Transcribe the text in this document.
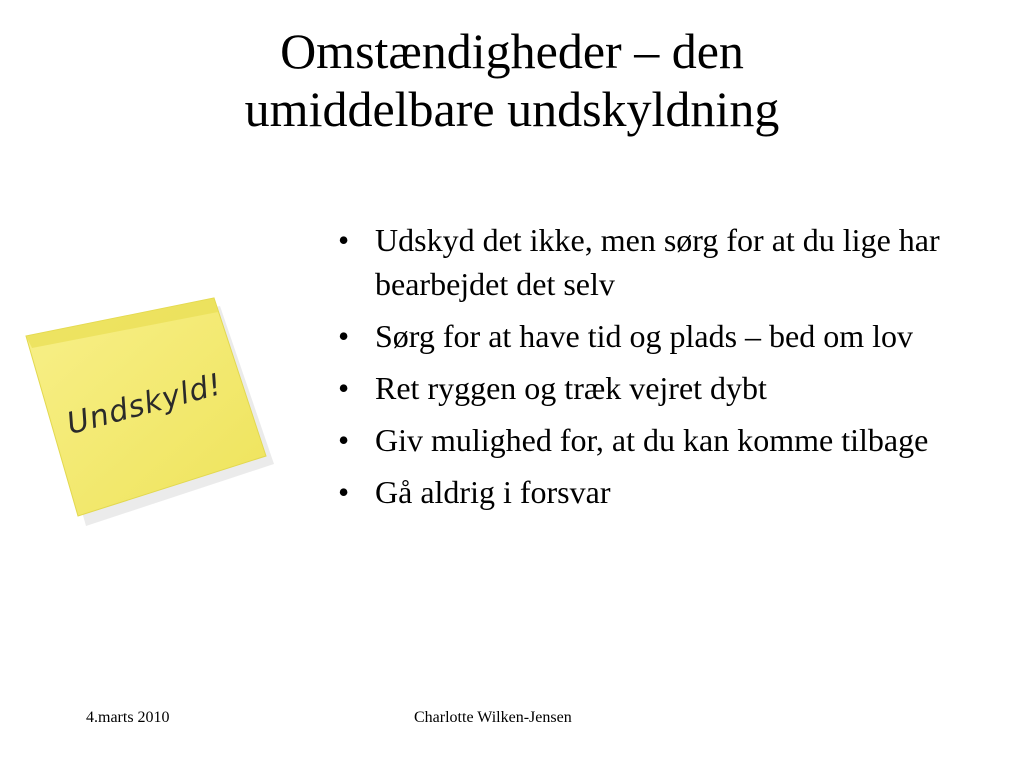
Omstændigheder – den
umiddelbare undskyldning
Undskyld!
• Udskyd det ikke, men sørg for at du lige har bearbejdet det selv
• Sørg for at have tid og plads – bed om lov
• Ret ryggen og træk vejret dybt
• Giv mulighed for, at du kan komme tilbage
• Gå aldrig i forsvar
4.marts 2010	Charlotte Wilken-Jensen
